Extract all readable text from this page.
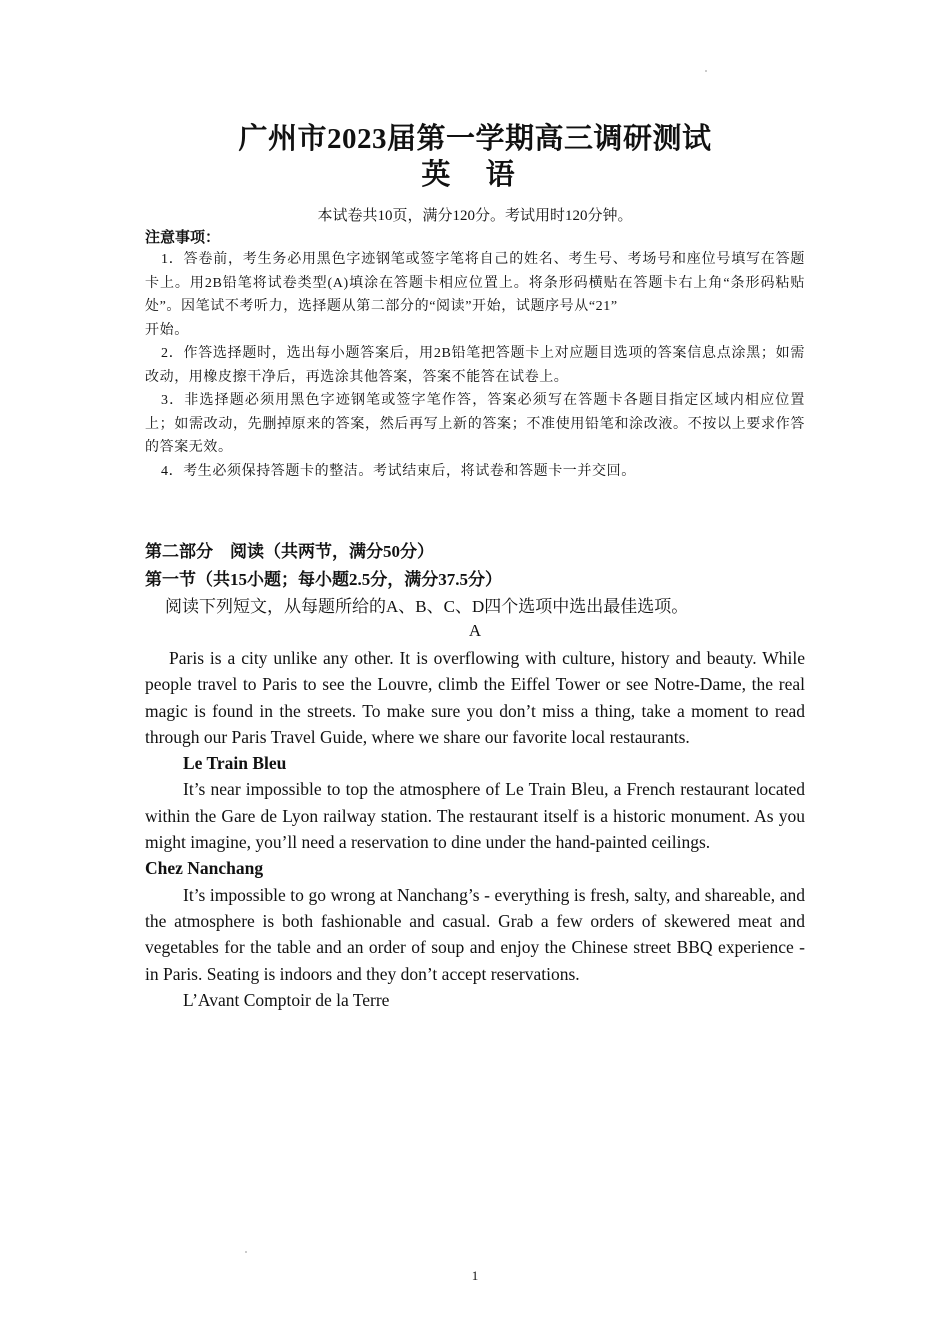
广州市2023届第一学期高三调研测试
英 语
本试卷共10页，满分120分。考试用时120分钟。
注意事项：

1．答卷前，考生务必用黑色字迹钢笔或签字笔将自己的姓名、考生号、考场号和座位号填写在答题卡上。用2B铅笔将试卷类型(A)填涂在答题卡相应位置上。将条形码横贴在答题卡右上角“条形码粘贴处”。因笔试不考听力，选择题从第二部分的“阅读”开始，试题序号从“21”

开始。

2．作答选择题时，选出每小题答案后，用2B铅笔把答题卡上对应题目选项的答案信息点涂黑；如需改动，用橡皮擦干净后，再选涂其他答案，答案不能答在试卷上。

3．非选择题必须用黑色字迹钢笔或签字笔作答，答案必须写在答题卡各题目指定区域内相应位置上；如需改动，先删掉原来的答案，然后再写上新的答案；不准使用铅笔和涂改液。不按以上要求作答的答案无效。

4．考生必须保持答题卡的整洁。考试结束后，将试卷和答题卡一并交回。

第二部分　阅读（共两节，满分50分）
第一节（共15小题；每小题2.5分，满分37.5分）
阅读下列短文，从每题所给的A、B、C、D四个选项中选出最佳选项。
A

Paris is a city unlike any other. It is overflowing with culture, history and beauty. While people travel to Paris to see the Louvre, climb the Eiffel Tower or see Notre-Dame, the real magic is found in the streets. To make sure you don’t miss a thing, take a moment to read through our Paris Travel Guide, where we share our favorite local restaurants.

Le Train Bleu

It’s near impossible to top the atmosphere of Le Train Bleu, a French restaurant located within the Gare de Lyon railway station. The restaurant itself is a historic monument. As you might imagine, you’ll need a reservation to dine under the hand-painted ceilings.

Chez Nanchang

It’s impossible to go wrong at Nanchang’s - everything is fresh, salty, and shareable, and the atmosphere is both fashionable and casual. Grab a few orders of skewered meat and vegetables for the table and an order of soup and enjoy the Chinese street BBQ experience - in Paris. Seating is indoors and they don’t accept reservations.

L’Avant Comptoir de la Terre

1
